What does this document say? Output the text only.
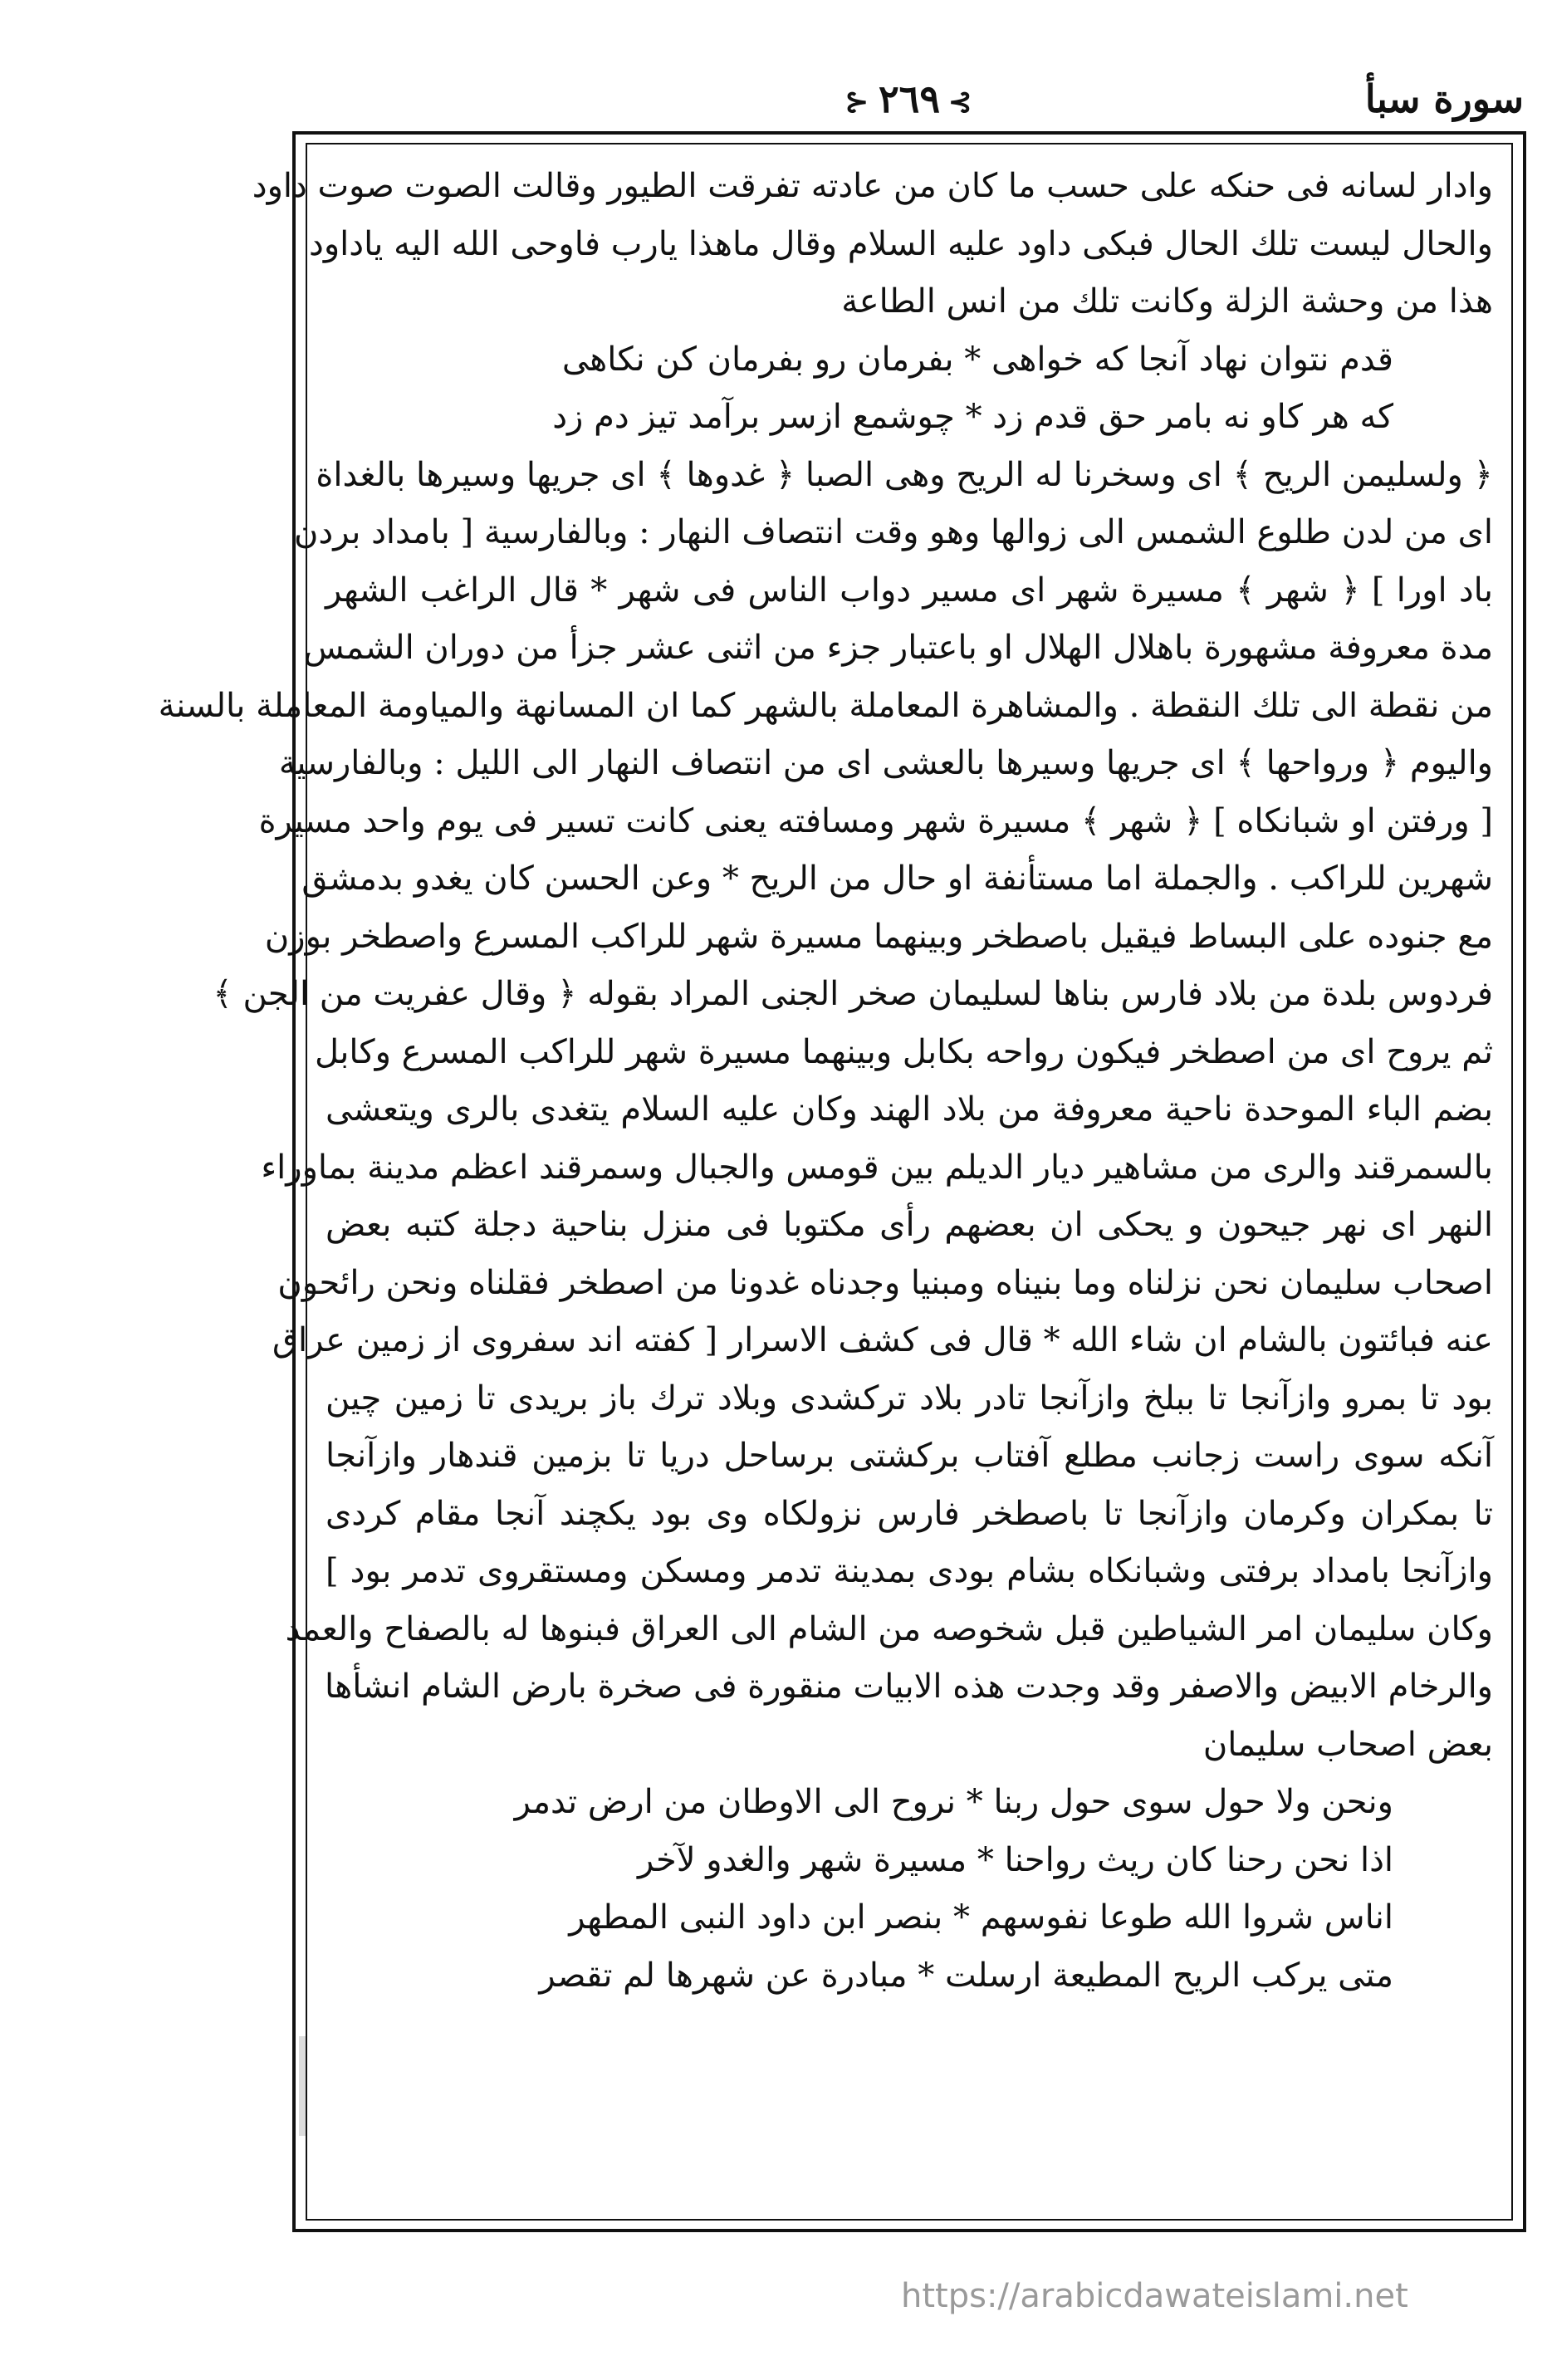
سورة سبأ
⊱٢٦٩⊰
وادار لسانه فى حنكه على حسب ما كان من عادته تفرقت الطيور وقالت الصوت صوت داود
والحال ليست تلك الحال فبكى داود عليه السلام وقال ماهذا يارب فاوحى الله اليه ياداود
هذا من وحشة الزلة وكانت تلك من انس الطاعة
قدم نتوان نهاد آنجا كه خواهى * بفرمان رو بفرمان كن نكاهى
كه هر كاو نه بامر حق قدم زد * چوشمع ازسر برآمد تيز دم زد
﴿ ولسليمن الريح ﴾ اى وسخرنا له الريح وهى الصبا ﴿ غدوها ﴾ اى جريها وسيرها بالغداة
اى من لدن طلوع الشمس الى زوالها وهو وقت انتصاف النهار : وبالفارسية [ بامداد بردن
باد اورا ] ﴿ شهر ﴾ مسيرة شهر اى مسير دواب الناس فى شهر * قال الراغب الشهر
مدة معروفة مشهورة باهلال الهلال او باعتبار جزء من اثنى عشر جزأ من دوران الشمس
من نقطة الى تلك النقطة . والمشاهرة المعاملة بالشهر كما ان المسانهة والمياومة المعاملة بالسنة
واليوم ﴿ ورواحها ﴾ اى جريها وسيرها بالعشى اى من انتصاف النهار الى الليل : وبالفارسية
[ ورفتن او شبانكاه ] ﴿ شهر ﴾ مسيرة شهر ومسافته يعنى كانت تسير فى يوم واحد مسيرة
شهرين للراكب . والجملة اما مستأنفة او حال من الريح * وعن الحسن كان يغدو بدمشق
مع جنوده على البساط فيقيل باصطخر وبينهما مسيرة شهر للراكب المسرع واصطخر بوزن
فردوس بلدة من بلاد فارس بناها لسليمان صخر الجنى المراد بقوله ﴿ وقال عفريت من الجن ﴾
ثم يروح اى من اصطخر فيكون رواحه بكابل وبينهما مسيرة شهر للراكب المسرع وكابل
بضم الباء الموحدة ناحية معروفة من بلاد الهند وكان عليه السلام يتغدى بالرى ويتعشى
بالسمرقند والرى من مشاهير ديار الديلم بين قومس والجبال وسمرقند اعظم مدينة بماوراء
النهر اى نهر جيحون و يحكى ان بعضهم رأى مكتوبا فى منزل بناحية دجلة كتبه بعض
اصحاب سليمان نحن نزلناه وما بنيناه ومبنيا وجدناه غدونا من اصطخر فقلناه ونحن رائحون
عنه فبائتون بالشام ان شاء الله * قال فى كشف الاسرار [ كفته اند سفروى از زمين عراق
بود تا بمرو وازآنجا تا ببلخ وازآنجا تادر بلاد تركشدى وبلاد ترك باز بريدى تا زمين چين
آنكه سوى راست زجانب مطلع آفتاب بركشتى برساحل دريا تا بزمين قندهار وازآنجا
تا بمكران وكرمان وازآنجا تا باصطخر فارس نزولكاه وى بود يكچند آنجا مقام كردى
وازآنجا بامداد برفتى وشبانكاه بشام بودى بمدينة تدمر ومسكن ومستقروى تدمر بود ]
وكان سليمان امر الشياطين قبل شخوصه من الشام الى العراق فبنوها له بالصفاح والعمد
والرخام الابيض والاصفر وقد وجدت هذه الابيات منقورة فى صخرة بارض الشام انشأها
بعض اصحاب سليمان
ونحن ولا حول سوى حول ربنا * نروح الى الاوطان من ارض تدمر
اذا نحن رحنا كان ريث رواحنا * مسيرة شهر والغدو لآخر
اناس شروا الله طوعا نفوسهم * بنصر ابن داود النبى المطهر
متى يركب الريح المطيعة ارسلت * مبادرة عن شهرها لم تقصر
https://arabicdawateislami.net
